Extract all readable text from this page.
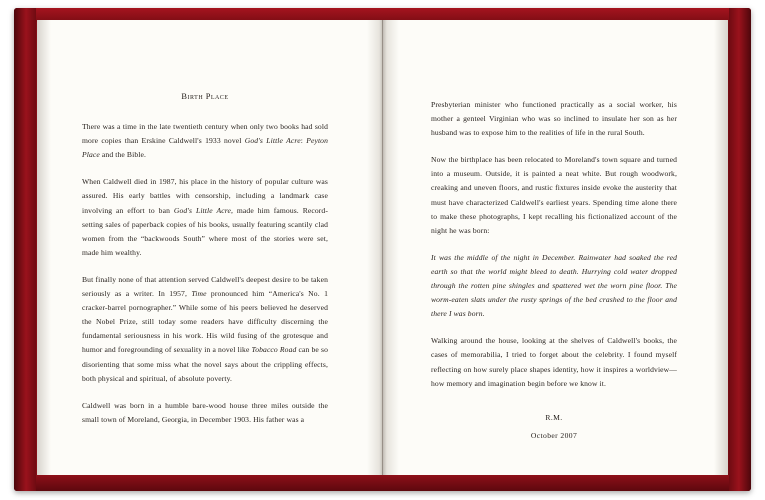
Birth Place

There was a time in the late twentieth century when only two books had sold more copies than Erskine Caldwell's 1933 novel God's Little Acre: Peyton Place and the Bible.

When Caldwell died in 1987, his place in the history of popular culture was assured. His early battles with censorship, including a landmark case involving an effort to ban God's Little Acre, made him famous. Record-setting sales of paperback copies of his books, usually featuring scantily clad women from the “backwoods South” where most of the stories were set, made him wealthy.

But finally none of that attention served Caldwell's deepest desire to be taken seriously as a writer. In 1957, Time pronounced him “America's No. 1 cracker-barrel pornographer.” While some of his peers believed he deserved the Nobel Prize, still today some readers have difficulty discerning the fundamental seriousness in his work. His wild fusing of the grotesque and humor and foregrounding of sexuality in a novel like Tobacco Road can be so disorienting that some miss what the novel says about the crippling effects, both physical and spiritual, of absolute poverty.

Caldwell was born in a humble bare-wood house three miles outside the small town of Moreland, Georgia, in December 1903. His father was a

Presbyterian minister who functioned practically as a social worker, his mother a genteel Virginian who was so inclined to insulate her son as her husband was to expose him to the realities of life in the rural South.

Now the birthplace has been relocated to Moreland's town square and turned into a museum. Outside, it is painted a neat white. But rough woodwork, creaking and uneven floors, and rustic fixtures inside evoke the austerity that must have characterized Caldwell's earliest years. Spending time alone there to make these photographs, I kept recalling his fictionalized account of the night he was born:

It was the middle of the night in December. Rainwater had soaked the red earth so that the world might bleed to death. Hurrying cold water dropped through the rotten pine shingles and spattered wet the worn pine floor. The worm-eaten slats under the rusty springs of the bed crashed to the floor and there I was born.

Walking around the house, looking at the shelves of Caldwell's books, the cases of memorabilia, I tried to forget about the celebrity. I found myself reflecting on how surely place shapes identity, how it inspires a worldview—how memory and imagination begin before we know it.

R.M.
October 2007
